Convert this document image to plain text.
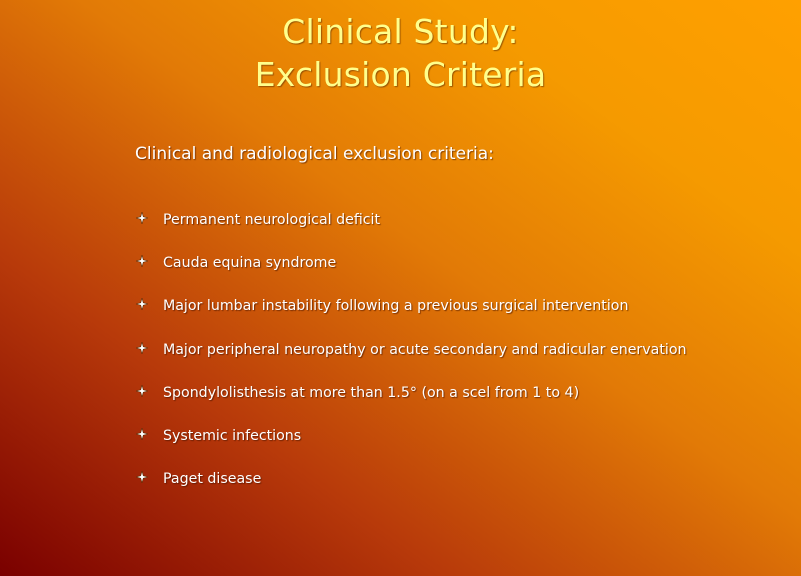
Clinical Study:
Exclusion Criteria
Clinical and radiological exclusion criteria:
Permanent neurological deficit
Cauda equina syndrome
Major lumbar instability following a previous surgical intervention
Major peripheral neuropathy or acute secondary and radicular enervation
Spondylolisthesis at more than 1.5° (on a scel from 1 to 4)
Systemic infections
Paget disease
